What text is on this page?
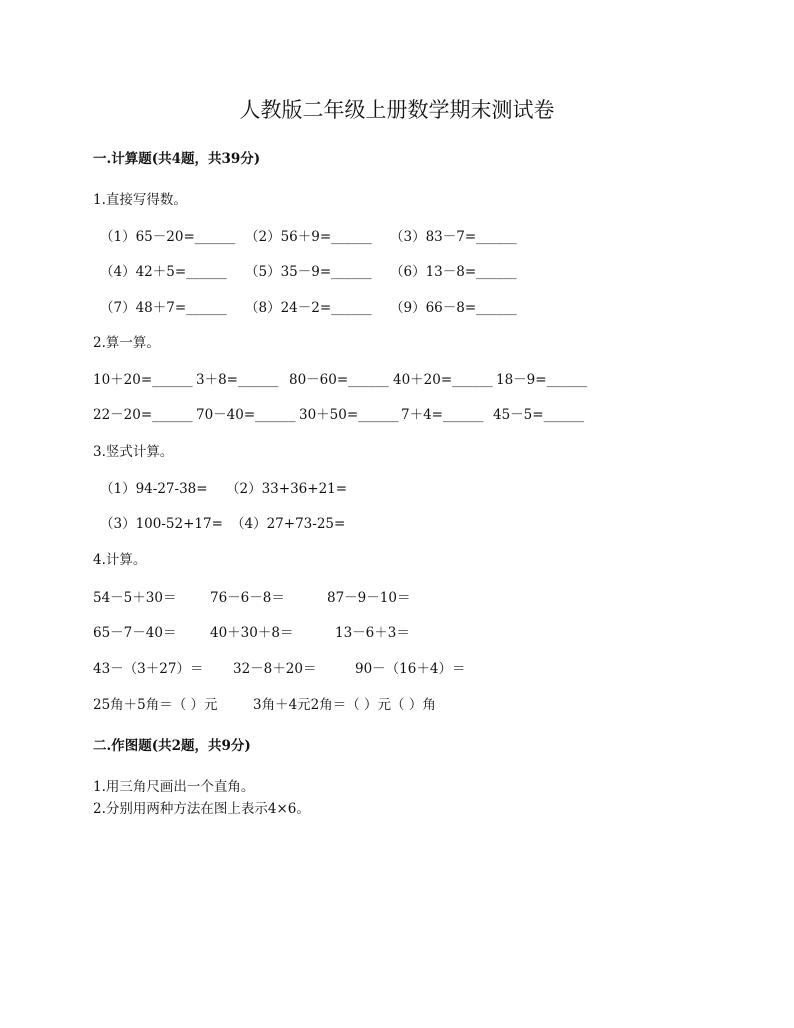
人教版二年级上册数学期末测试卷
一.计算题(共4题，共39分)
1.直接写得数。
（1）65－20=______ （2）56＋9=______ （3）83－7=______
（4）42＋5=______ （5）35－9=______ （6）13－8=______
（7）48＋7=______ （8）24－2=______ （9）66－8=______
2.算一算。
10＋20=______ 3＋8=______ 80－60=______ 40＋20=______ 18－9=______
22－20=______ 70－40=______ 30＋50=______ 7＋4=______ 45－5=______
3.竖式计算。
（1）94-27-38= （2）33+36+21=
（3）100-52+17= （4）27+73-25=
4.计算。
54－5＋30＝ 76－6－8＝	87－9－10＝
65－7－40＝ 40＋30＋8＝	13－6＋3＝
43－（3＋27）＝ 32－8＋20＝	90－（16＋4）＝
25角＋5角＝（ ）元	3角＋4元2角＝（ ）元（ ）角
二.作图题(共2题，共9分)
1.用三角尺画出一个直角。
2.分别用两种方法在图上表示4×6。
